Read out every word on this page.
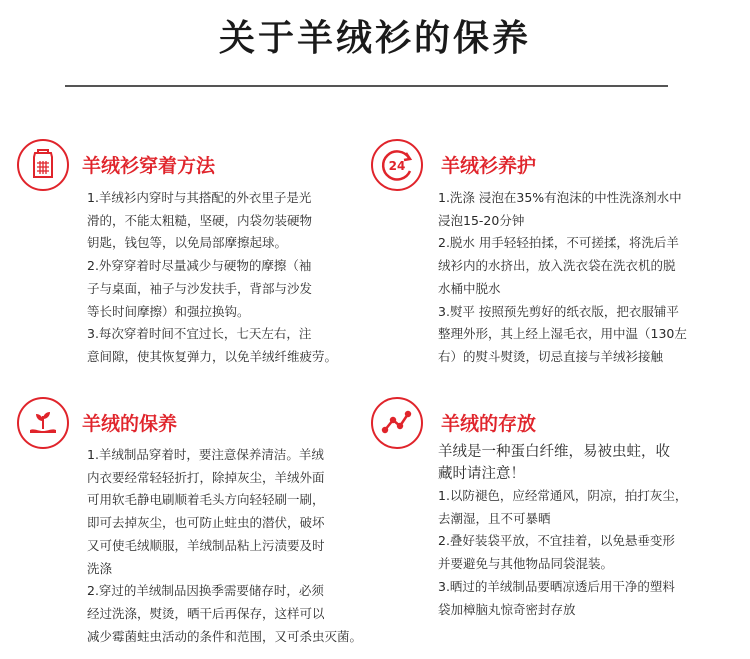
关于羊绒衫的保养
羊绒衫穿着方法
1.羊绒衫内穿时与其搭配的外衣里子是光
滑的，不能太粗糙，坚硬，内袋勿装硬物
钥匙，钱包等，以免局部摩擦起球。
2.外穿穿着时尽量减少与硬物的摩擦（袖
子与桌面，袖子与沙发扶手，背部与沙发
等长时间摩擦）和强拉换钩。
3.每次穿着时间不宜过长，七天左右，注
意间隙，使其恢复弹力，以免羊绒纤维疲劳。
24 羊绒衫养护
1.洗涤 浸泡在35%有泡沫的中性洗涤剂水中
浸泡15-20分钟
2.脱水 用手轻轻拍揉，不可搓揉，将洗后羊
绒衫内的水挤出，放入洗衣袋在洗衣机的脱
水桶中脱水
3.熨平 按照预先剪好的纸衣版，把衣服铺平
整理外形，其上经上湿毛衣，用中温（130左
右）的熨斗熨烫，切忌直接与羊绒衫接触
羊绒的保养
1.羊绒制品穿着时，要注意保养清洁。羊绒
内衣要经常轻轻折打，除掉灰尘，羊绒外面
可用软毛静电刷顺着毛头方向轻轻刷一刷，
即可去掉灰尘，也可防止蛀虫的潜伏，破坏
又可使毛绒顺服，羊绒制品粘上污渍要及时
洗涤
2.穿过的羊绒制品因换季需要储存时，必须
经过洗涤，熨烫，晒干后再保存，这样可以
减少霉菌蛀虫活动的条件和范围，又可杀虫灭菌。
羊绒的存放
羊绒是一种蛋白纤维，易被虫蛀，收
藏时请注意！
1.以防褪色，应经常通风，阴凉，拍打灰尘，
去潮湿，且不可暴晒
2.叠好装袋平放，不宜挂着，以免悬垂变形
并要避免与其他物品同袋混装。
3.晒过的羊绒制品要晒凉透后用干净的塑料
袋加樟脑丸惊奇密封存放
